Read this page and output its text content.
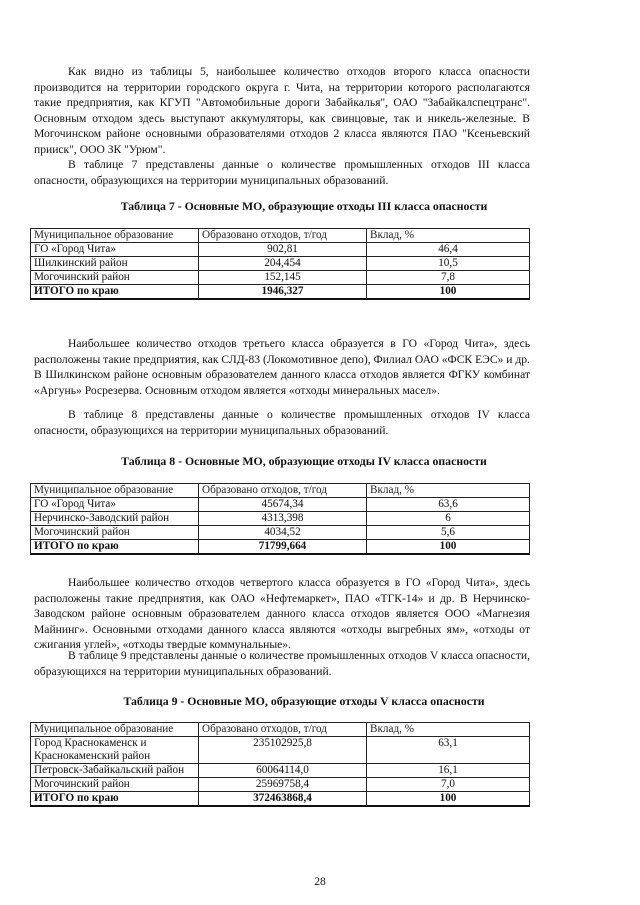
Как видно из таблицы 5, наибольшее количество отходов второго класса опасности производится на территории городского округа г. Чита, на территории которого располагаются такие предприятия, как КГУП "Автомобильные дороги Забайкалья", ОАО "Забайкалспецтранс". Основным отходом здесь выступают аккумуляторы, как свинцовые, так и никель-железные. В Могочинском районе основными образователями отходов 2 класса являются ПАО "Ксеньевский прииск", ООО ЗК "Урюм".

В таблице 7 представлены данные о количестве промышленных отходов III класса опасности, образующихся на территории муниципальных образований.

Таблица 7 - Основные МО, образующие отходы III класса опасности
Муниципальное образование	Образовано отходов, т/год	Вклад, %
ГО «Город Чита»	902,81	46,4
Шилкинский район	204,454	10,5
Могочинский район	152,145	7,8
ИТОГО по краю	1946,327	100

Наибольшее количество отходов третьего класса образуется в ГО «Город Чита», здесь расположены такие предприятия, как СЛД-83 (Локомотивное депо), Филиал ОАО «ФСК ЕЭС» и др. В Шилкинском районе основным образователем данного класса отходов является ФГКУ комбинат «Аргунь» Росрезерва. Основным отходом является «отходы минеральных масел».

В таблице 8 представлены данные о количестве промышленных отходов IV класса опасности, образующихся на территории муниципальных образований.

Таблица 8 - Основные МО, образующие отходы IV класса опасности
Муниципальное образование	Образовано отходов, т/год	Вклад, %
ГО «Город Чита»	45674,34	63,6
Нерчинско-Заводский район	4313,398	6
Могочинский район	4034,52	5,6
ИТОГО по краю	71799,664	100

Наибольшее количество отходов четвертого класса образуется в ГО «Город Чита», здесь расположены такие предприятия, как ОАО «Нефтемаркет», ПАО «ТГК-14» и др. В Нерчинско-Заводском районе основным образователем данного класса отходов является ООО «Магнезия Майнинг». Основными отходами данного класса являются «отходы выгребных ям», «отходы от сжигания углей», «отходы твердые коммунальные».

В таблице 9 представлены данные о количестве промышленных отходов V класса опасности, образующихся на территории муниципальных образований.

Таблица 9 - Основные МО, образующие отходы V класса опасности
Муниципальное образование	Образовано отходов, т/год	Вклад, %
Город Краснокаменск и Краснокаменский район	235102925,8	63,1
Петровск-Забайкальский район	60064114,0	16,1
Могочинский район	25969758,4	7,0
ИТОГО по краю	372463868,4	100
28
